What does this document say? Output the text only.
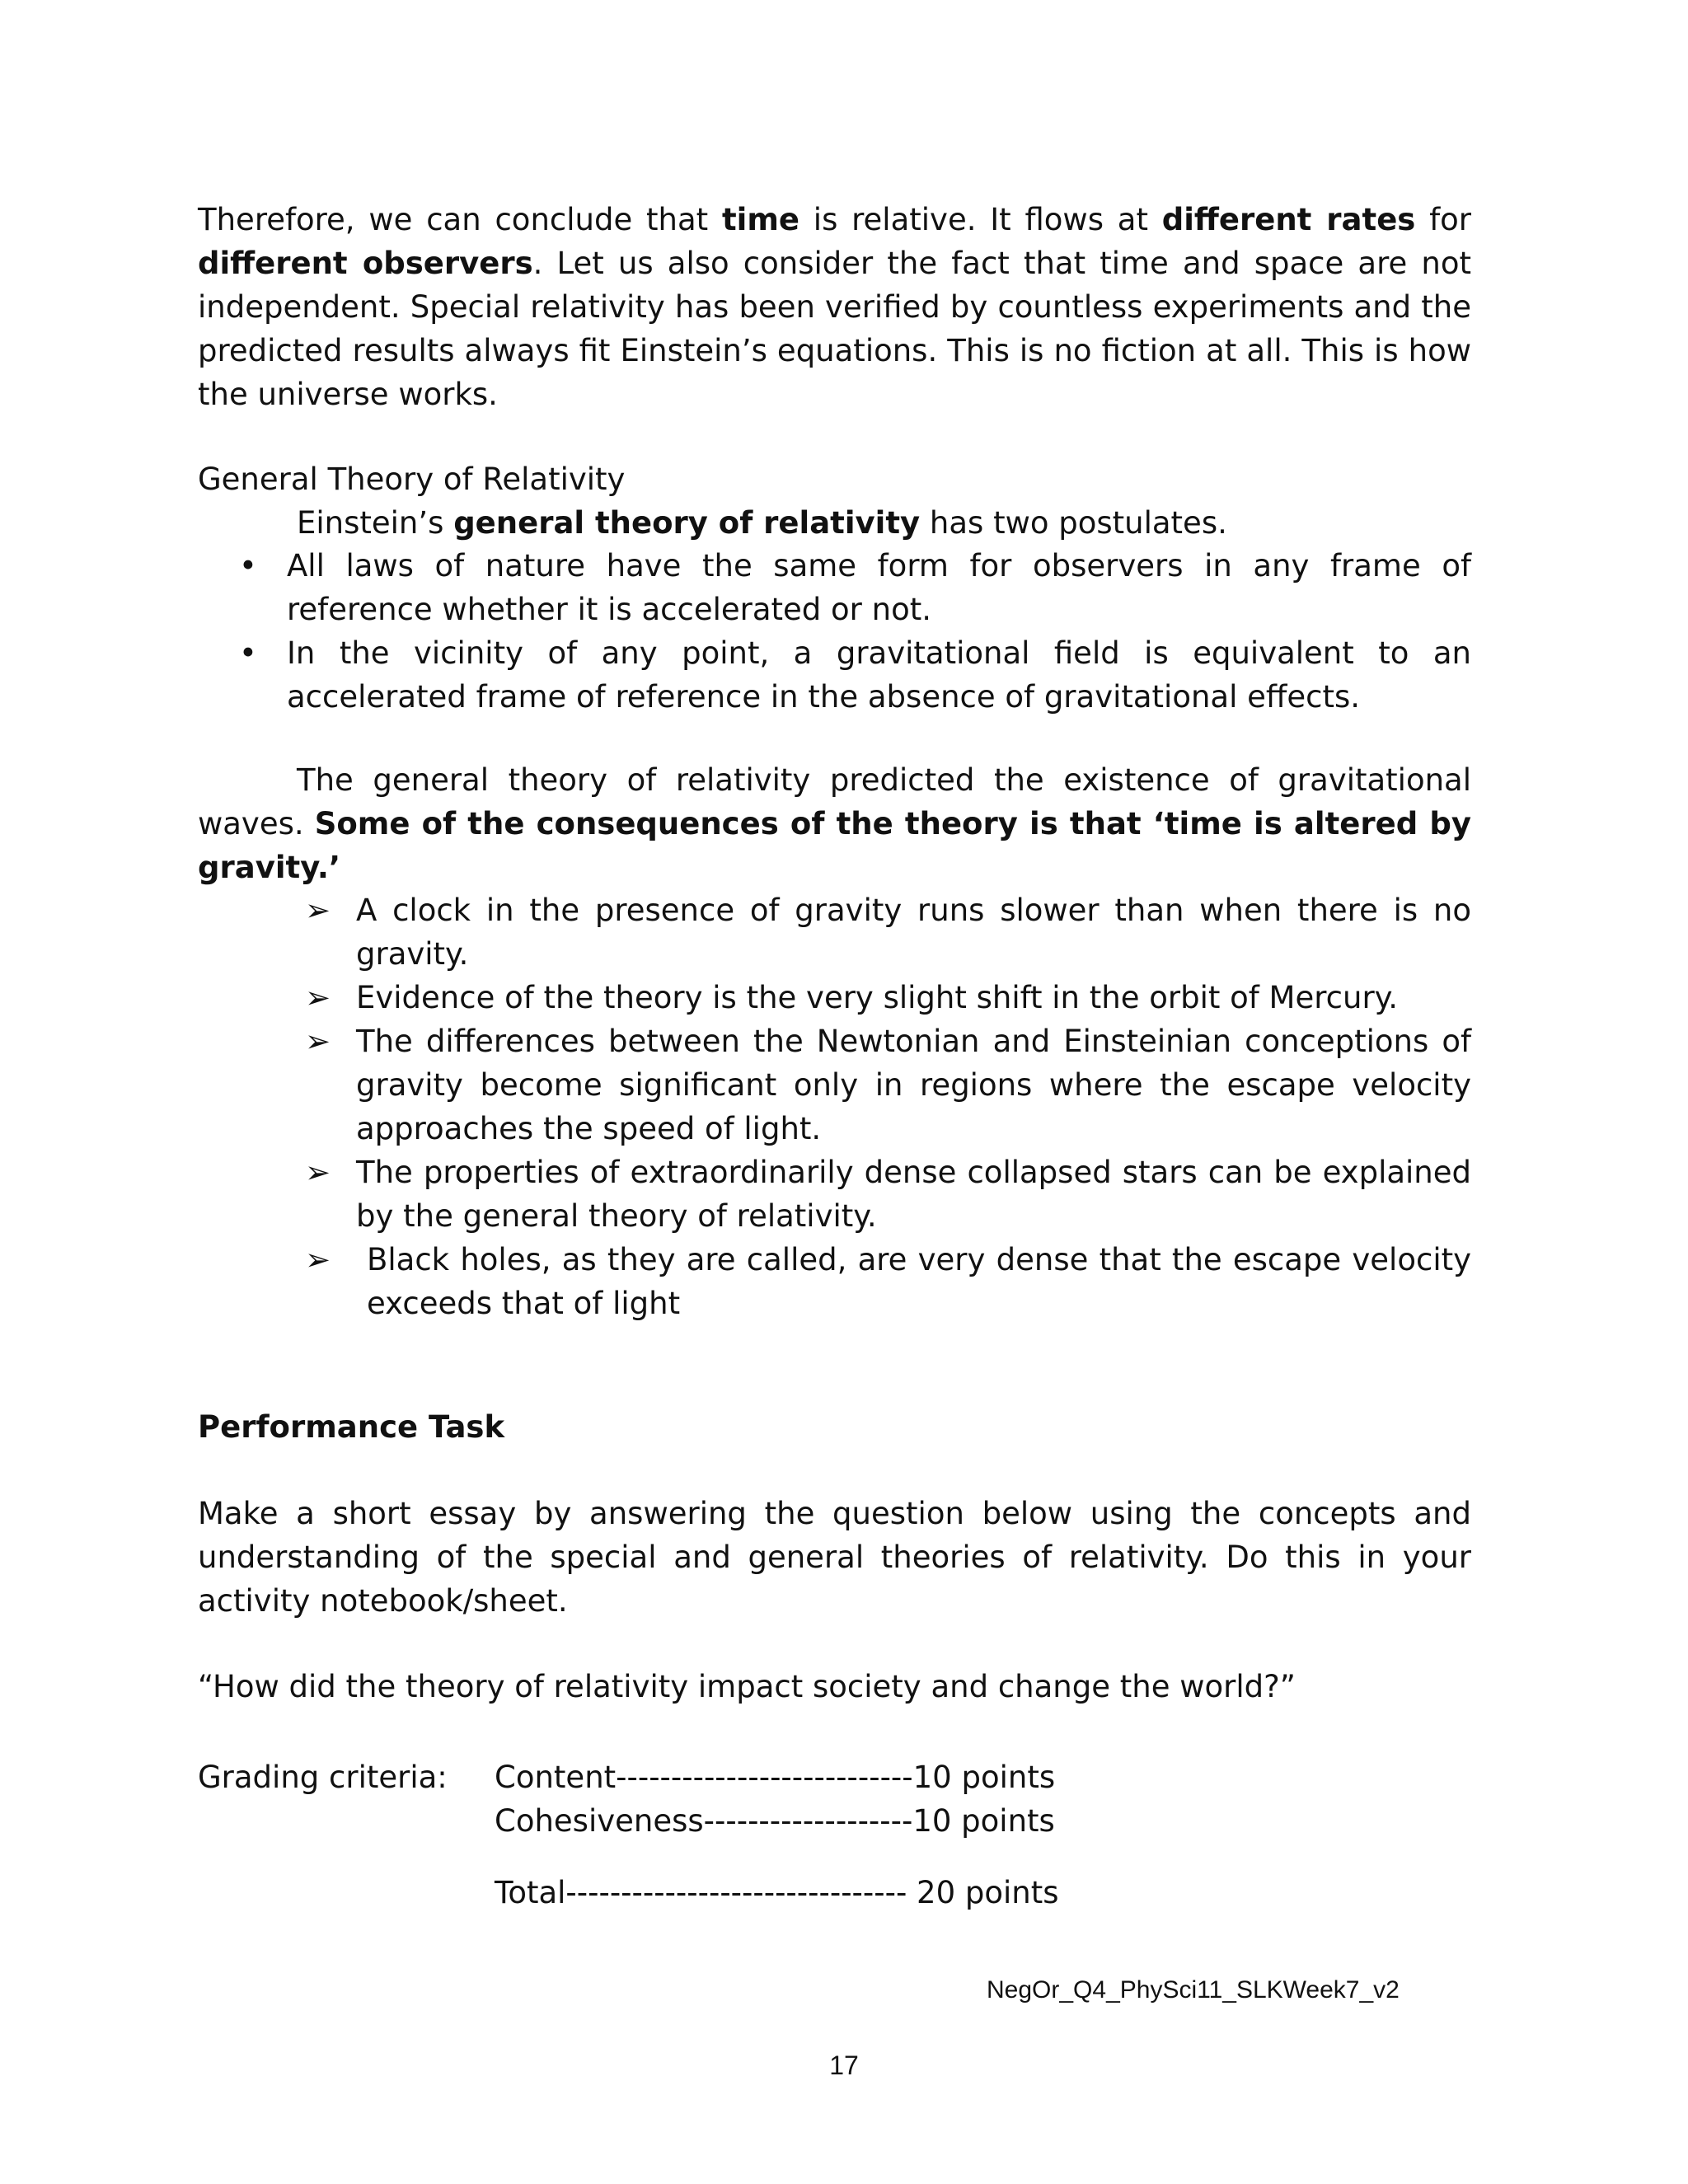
Therefore, we can conclude that time is relative. It flows at different rates for different observers. Let us also consider the fact that time and space are not independent. Special relativity has been verified by countless experiments and the predicted results always fit Einstein’s equations. This is no fiction at all. This is how the universe works.
General Theory of Relativity
Einstein’s general theory of relativity has two postulates.
• All laws of nature have the same form for observers in any frame of reference whether it is accelerated or not.
• In the vicinity of any point, a gravitational field is equivalent to an accelerated frame of reference in the absence of gravitational effects.
The general theory of relativity predicted the existence of gravitational waves. Some of the consequences of the theory is that ‘time is altered by gravity.’
➢ A clock in the presence of gravity runs slower than when there is no gravity.
➢ Evidence of the theory is the very slight shift in the orbit of Mercury.
➢ The differences between the Newtonian and Einsteinian conceptions of gravity become significant only in regions where the escape velocity approaches the speed of light.
➢ The properties of extraordinarily dense collapsed stars can be explained by the general theory of relativity.
➢ Black holes, as they are called, are very dense that the escape velocity exceeds that of light
Performance Task
Make a short essay by answering the question below using the concepts and understanding of the special and general theories of relativity. Do this in your activity notebook/sheet.
“How did the theory of relativity impact society and change the world?”
Grading criteria: Content---------------------------10 points
Cohesiveness-------------------10 points
Total------------------------------- 20 points
NegOr_Q4_PhySci11_SLKWeek7_v2
17
